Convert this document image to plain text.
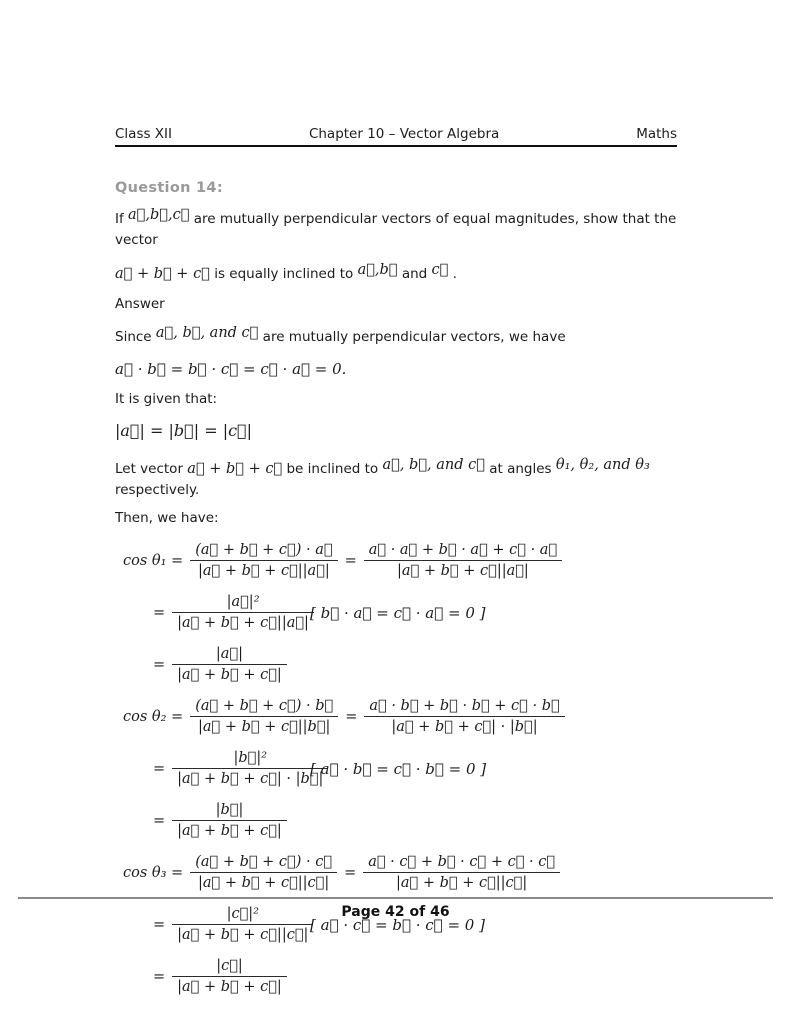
Class XII	Chapter 10 – Vector Algebra	Maths
Question 14:

If a⃗,b⃗,c⃗ are mutually perpendicular vectors of equal magnitudes, show that the vector

a⃗ + b⃗ + c⃗ is equally inclined to a⃗,b⃗ and c⃗ .

Answer

Since a⃗, b⃗, and c⃗ are mutually perpendicular vectors, we have

a⃗ · b⃗ = b⃗ · c⃗ = c⃗ · a⃗ = 0.

It is given that:

|a⃗| = |b⃗| = |c⃗|

Let vector a⃗ + b⃗ + c⃗ be inclined to a⃗, b⃗, and c⃗ at angles θ₁, θ₂, and θ₃ respectively.

Then, we have:

$\cos \theta_1 = \frac{(a⃗ + b⃗ + c⃗) \cdot a⃗}{|a⃗ + b⃗ + c⃗||a⃗|} = \frac{a⃗ \cdot a⃗ + b⃗ \cdot a⃗ + c⃗ \cdot a⃗}{|a⃗ + b⃗ + c⃗||a⃗|}$
= $\frac{\text{|a⃗|²}}{|a⃗ + b⃗ + c⃗||a⃗|}$
[ b⃗ · a⃗ = c⃗ · a⃗ = 0 ]
= $\frac{|a⃗|}{|a⃗ + b⃗ + c⃗|}$
$\cos \theta_2 = \frac{(a⃗ + b⃗ + c⃗) \cdot b⃗}{|a⃗ + b⃗ + c⃗||b⃗|} = \frac{a⃗ \cdot b⃗ + b⃗ \cdot b⃗ + c⃗ \cdot b⃗}{|a⃗ + b⃗ + c⃗| \cdot |b⃗|}$
= $\frac{\text{|b⃗|²}}{|a⃗ + b⃗ + c⃗| \cdot |b⃗|}$
[ a⃗ · b⃗ = c⃗ · b⃗ = 0 ]
= $\frac{|b⃗|}{|a⃗ + b⃗ + c⃗|}$
$\cos \theta_3 = \frac{(a⃗ + b⃗ + c⃗) \cdot c⃗}{|a⃗ + b⃗ + c⃗||c⃗|} = \frac{a⃗ \cdot c⃗ + b⃗ \cdot c⃗ + c⃗ \cdot c⃗}{|a⃗ + b⃗ + c⃗||c⃗|}$
= $\frac{\text{|c⃗|²}}{|a⃗ + b⃗ + c⃗||c⃗|}$
[ a⃗ · c⃗ = b⃗ · c⃗ = 0 ]
= $\frac{|c⃗|}{|a⃗ + b⃗ + c⃗|}$
Page 42 of 46
